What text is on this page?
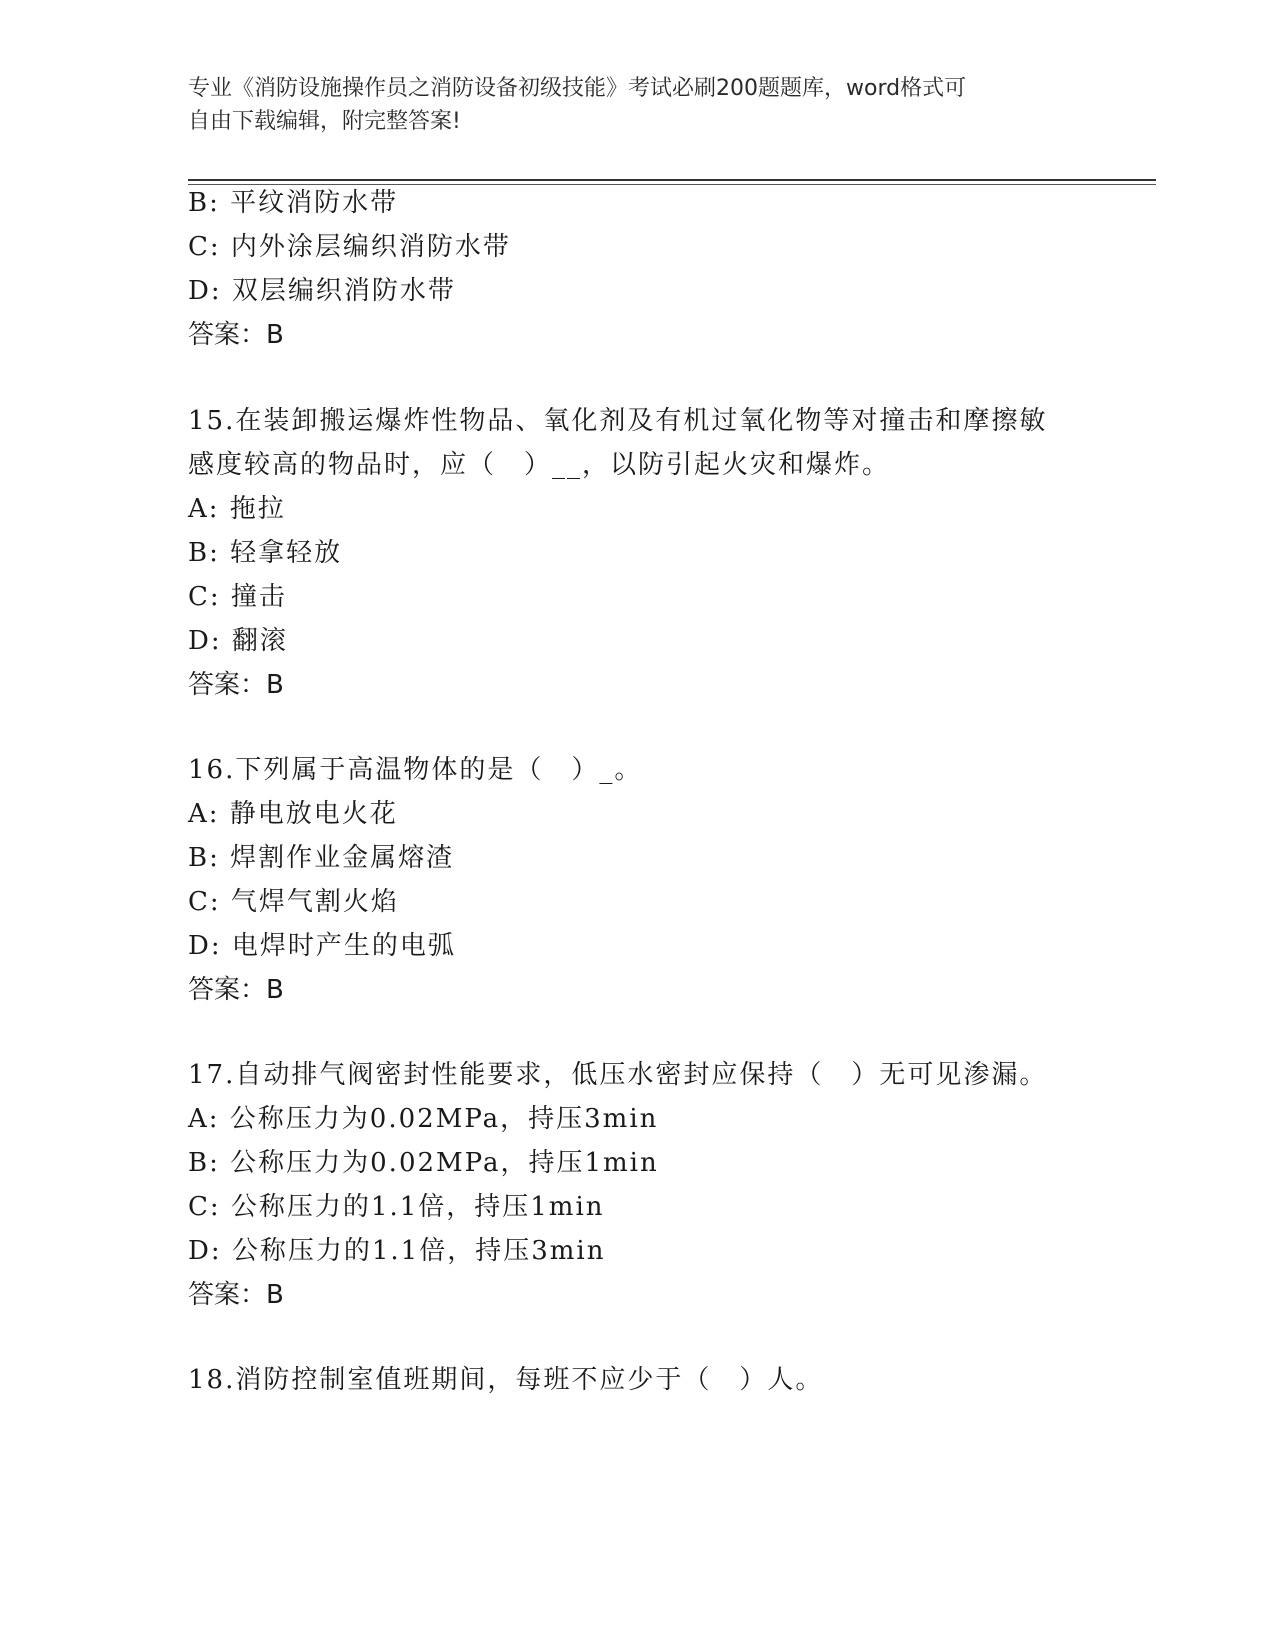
专业《消防设施操作员之消防设备初级技能》考试必刷200题题库，word格式可
自由下载编辑，附完整答案!
B: 平纹消防水带
C: 内外涂层编织消防水带
D: 双层编织消防水带
答案：B
15.在装卸搬运爆炸性物品、氧化剂及有机过氧化物等对撞击和摩擦敏
感度较高的物品时，应（　）__，以防引起火灾和爆炸。
A: 拖拉
B: 轻拿轻放
C: 撞击
D: 翻滚
答案：B
16.下列属于高温物体的是（　）_。
A: 静电放电火花
B: 焊割作业金属熔渣
C: 气焊气割火焰
D: 电焊时产生的电弧
答案：B
17.自动排气阀密封性能要求，低压水密封应保持（　）无可见渗漏。
A: 公称压力为0.02MPa，持压3min
B: 公称压力为0.02MPa，持压1min
C: 公称压力的1.1倍，持压1min
D: 公称压力的1.1倍，持压3min
答案：B
18.消防控制室值班期间，每班不应少于（　）人。
